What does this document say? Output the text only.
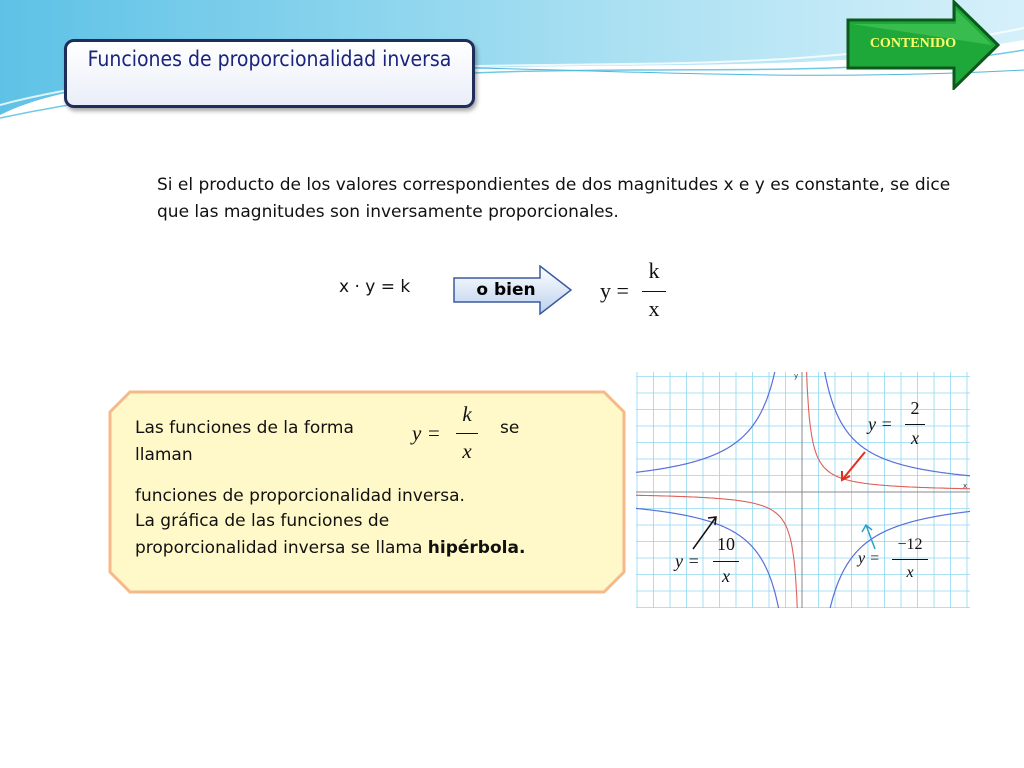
Funciones de proporcionalidad inversa
CONTENIDO
Si el producto de los valores correspondientes de dos magnitudes x e y es constante, se dice que las magnitudes son inversamente proporcionales.
x · y = k	o bien	y =
k
x
Las funciones de la forma	y =
k
x
se
llaman
funciones de proporcionalidad inversa.
La gráfica de las funciones de
proporcionalidad inversa se llama hipérbola.
y
x
y =
2
x
y =
10
x
y =
−12
x
